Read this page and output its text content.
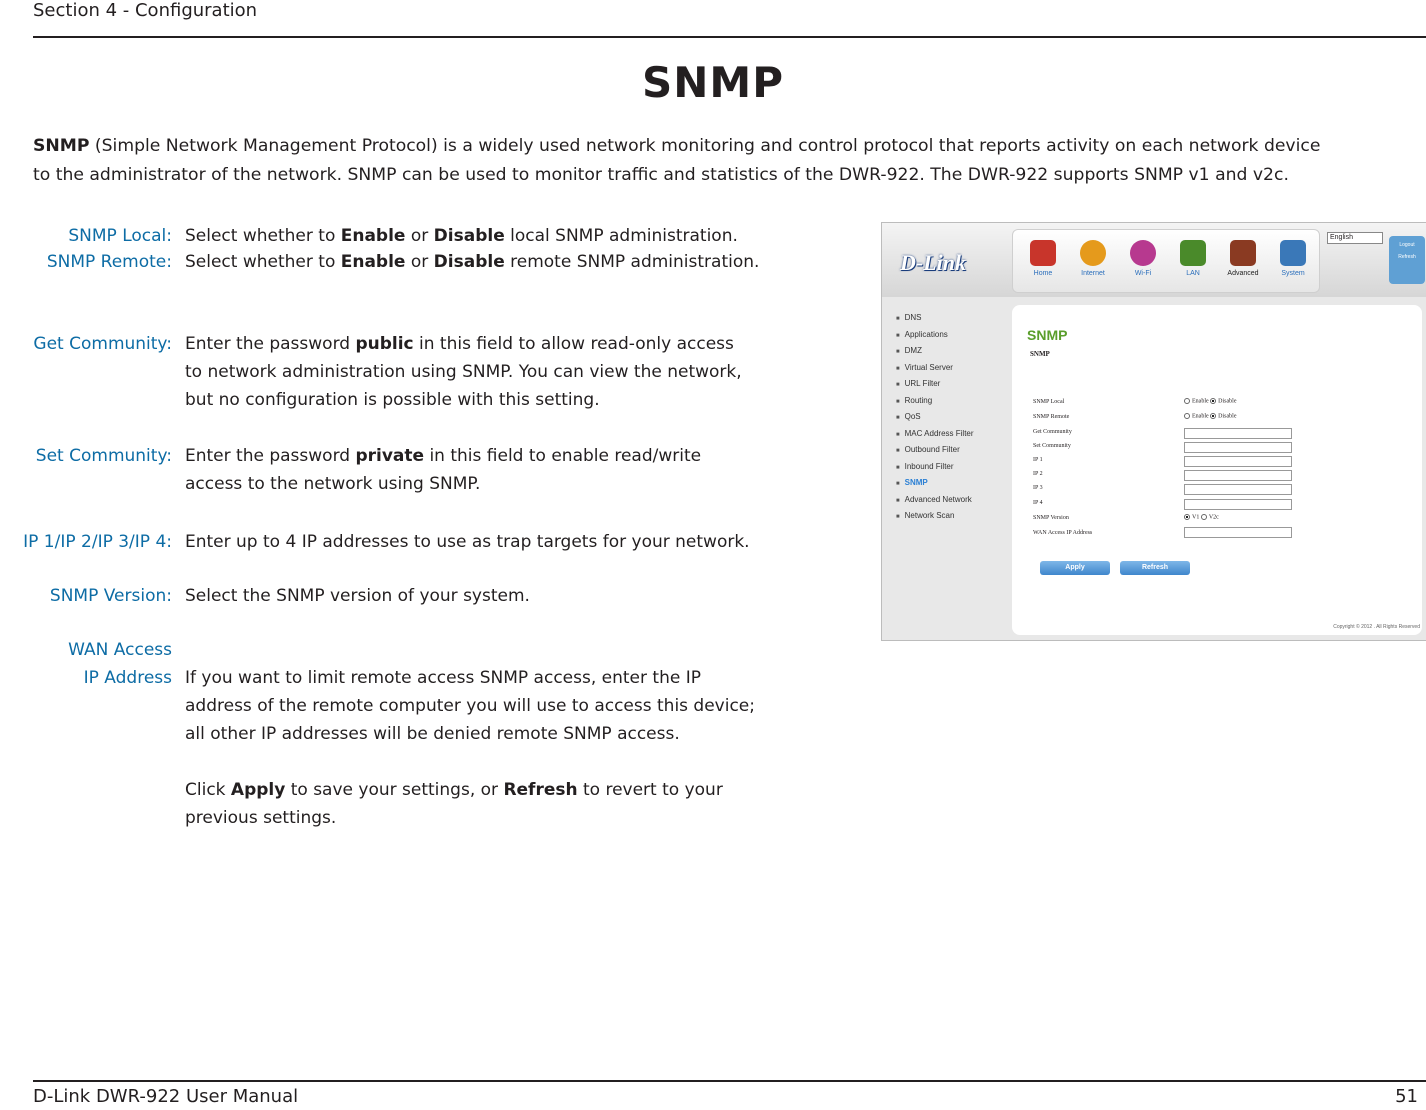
Section 4 - Configuration
SNMP
SNMP (Simple Network Management Protocol) is a widely used network monitoring and control protocol that reports activity on each network device
to the administrator of the network. SNMP can be used to monitor traffic and statistics of the DWR-922. The DWR-922 supports SNMP v1 and v2c.
SNMP Local: Select whether to Enable or Disable local SNMP administration.
SNMP Remote: Select whether to Enable or Disable remote SNMP administration.
Get Community: Enter the password public in this field to allow read-only access
to network administration using SNMP. You can view the network,
but no configuration is possible with this setting.
Set Community: Enter the password private in this field to enable read/write
access to the network using SNMP.
IP 1/IP 2/IP 3/IP 4: Enter up to 4 IP addresses to use as trap targets for your network.
SNMP Version: Select the SNMP version of your system.
WAN Access
IP Address If you want to limit remote access SNMP access, enter the IP
address of the remote computer you will use to access this device;
all other IP addresses will be denied remote SNMP access.
Click Apply to save your settings, or Refresh to revert to your
previous settings.
D-Link	Home	Internet	Wi-Fi	LAN	Advanced	System
English
Logout
Refresh
■ DNS
■ Applications
■ DMZ
■ Virtual Server
■ URL Filter
■ Routing
■ QoS
■ MAC Address Filter
■ Outbound Filter
■ Inbound Filter
■ SNMP
■ Advanced Network
■ Network Scan
SNMP
SNMP
SNMP Local	Enable Disable
SNMP Remote	Enable Disable
Get Community
Set Community
IP 1
IP 2
IP 3
IP 4
SNMP Version	V1 V2c
WAN Access IP Address
Apply	Refresh
Copyright © 2012 . All Rights Reserved
D-Link DWR-922 User Manual	51
